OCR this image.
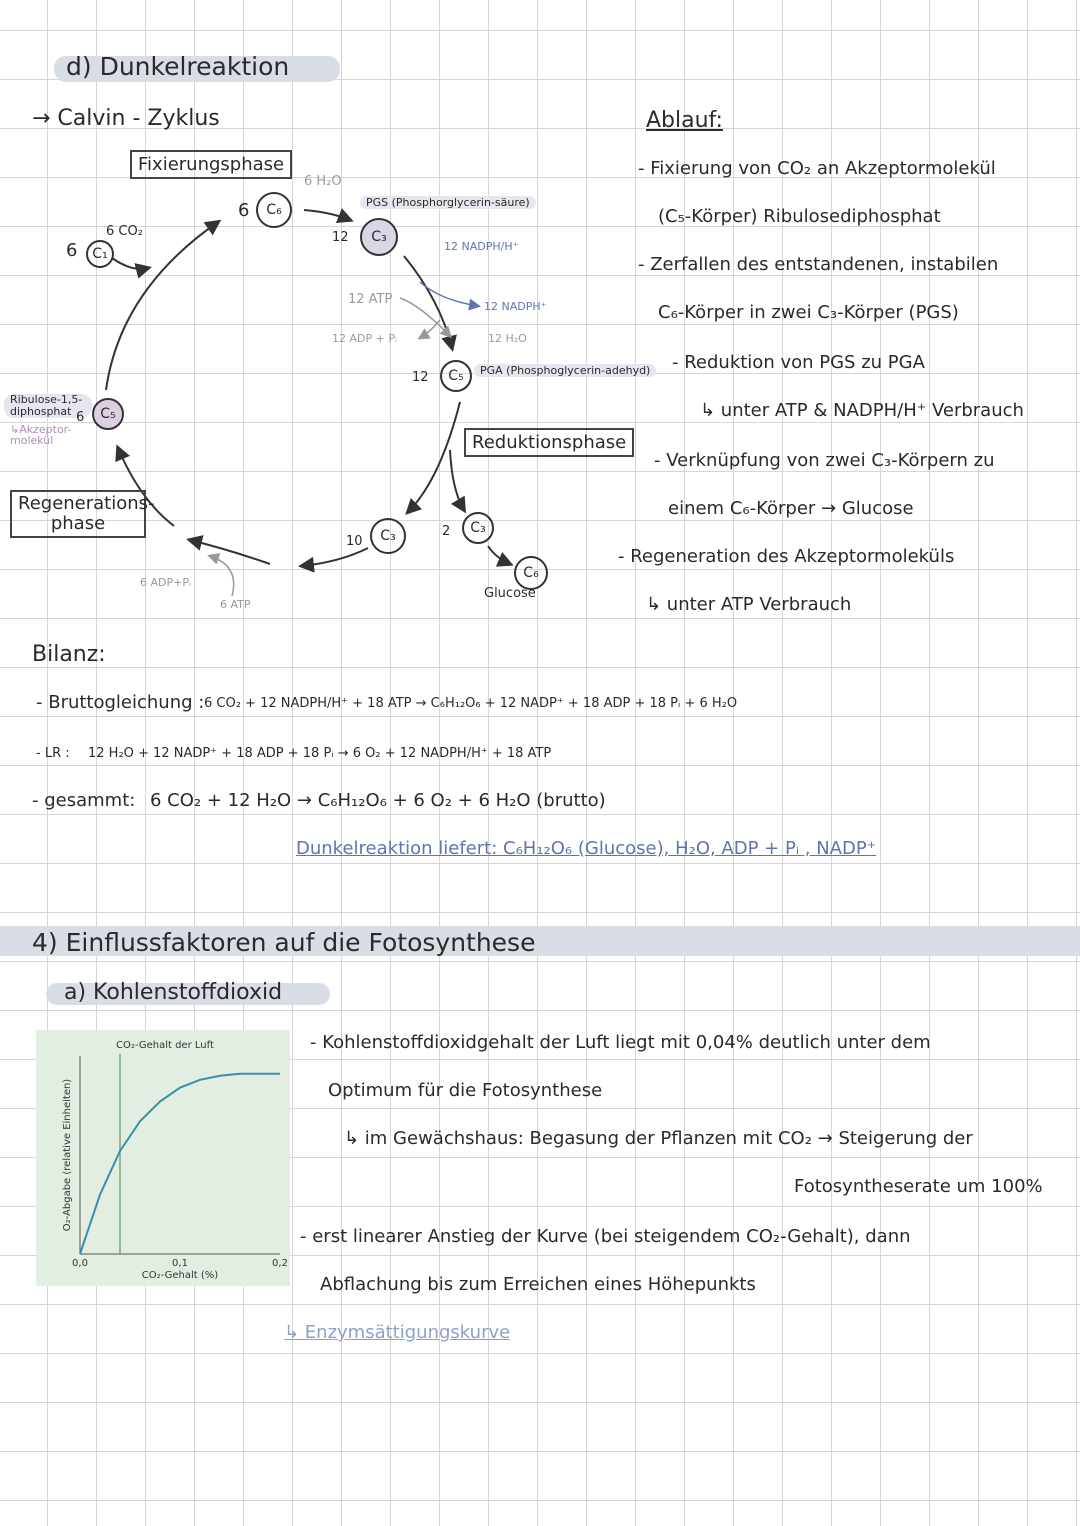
d) Dunkelreaktion
→ Calvin - Zyklus
Fixierungsphase
6 H₂O
6 CO₂
6	C₁
6	C₆
12	C₃
PGS (Phosphorglycerin-säure)
12 NADPH/H⁺
12 ATP	12 NADPH⁺
12 ADP + Pᵢ	12 H₂O
12	C₅	PGA (Phosphoglycerin-adehyd)
Ribulose-1,5-diphosphat 6	C₅
↳Akzeptor-molekül	Reduktionsphase
Regenerations-phase
10	C₃	2	C₃
C₆
Glucose
6 ADP+Pᵢ
6 ATP
Ablauf:
- Fixierung von CO₂ an Akzeptormolekül
(C₅-Körper) Ribulosediphosphat
- Zerfallen des entstandenen, instabilen
C₆-Körper in zwei C₃-Körper (PGS)
- Reduktion von PGS zu PGA
↳ unter ATP & NADPH/H⁺ Verbrauch
- Verknüpfung von zwei C₃-Körpern zu
einem C₆-Körper → Glucose
- Regeneration des Akzeptormoleküls
↳ unter ATP Verbrauch
Bilanz:
- Bruttogleichung : 6 CO₂ + 12 NADPH/H⁺ + 18 ATP → C₆H₁₂O₆ + 12 NADP⁺ + 18 ADP + 18 Pᵢ + 6 H₂O
- LR : 12 H₂O + 12 NADP⁺ + 18 ADP + 18 Pᵢ → 6 O₂ + 12 NADPH/H⁺ + 18 ATP
- gesammt: 6 CO₂ + 12 H₂O → C₆H₁₂O₆ + 6 O₂ + 6 H₂O (brutto)
Dunkelreaktion liefert: C₆H₁₂O₆ (Glucose), H₂O, ADP + Pᵢ , NADP⁺
4) Einflussfaktoren auf die Fotosynthese
a) Kohlenstoffdioxid
CO₂-Gehalt der Luft
0,0	0,1	0,2
CO₂-Gehalt (%)
O₂-Abgabe (relative Einheiten)
- Kohlenstoffdioxidgehalt der Luft liegt mit 0,04% deutlich unter dem
Optimum für die Fotosynthese
↳ im Gewächshaus: Begasung der Pflanzen mit CO₂ → Steigerung der
Fotosyntheserate um 100%
- erst linearer Anstieg der Kurve (bei steigendem CO₂-Gehalt), dann
Abflachung bis zum Erreichen eines Höhepunkts
↳ Enzymsättigungskurve
